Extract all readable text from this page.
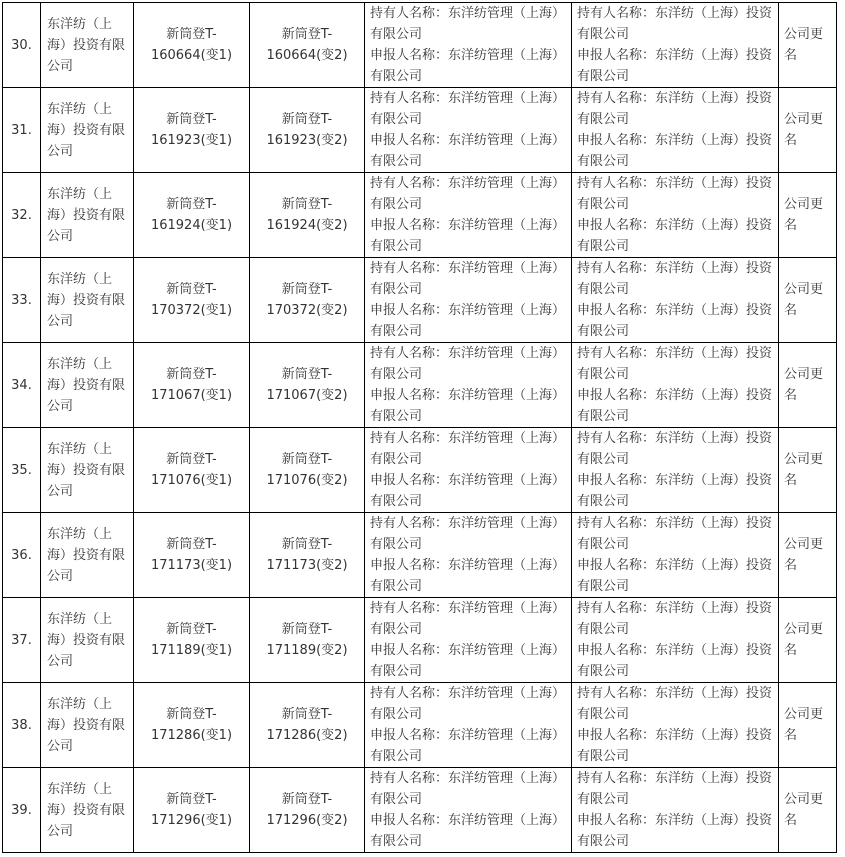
30.	东洋纺（上
海）投资有限
公司	新筒登T-
160664(变1)	新筒登T-
160664(变2)	持有人名称：东洋纺管理（上海）
有限公司
申报人名称：东洋纺管理（上海）
有限公司	持有人名称：东洋纺（上海）投资
有限公司
申报人名称：东洋纺（上海）投资
有限公司	公司更
名

31.	东洋纺（上
海）投资有限
公司	新筒登T-
161923(变1)	新筒登T-
161923(变2)	持有人名称：东洋纺管理（上海）
有限公司
申报人名称：东洋纺管理（上海）
有限公司	持有人名称：东洋纺（上海）投资
有限公司
申报人名称：东洋纺（上海）投资
有限公司	公司更
名

32.	东洋纺（上
海）投资有限
公司	新筒登T-
161924(变1)	新筒登T-
161924(变2)	持有人名称：东洋纺管理（上海）
有限公司
申报人名称：东洋纺管理（上海）
有限公司	持有人名称：东洋纺（上海）投资
有限公司
申报人名称：东洋纺（上海）投资
有限公司	公司更
名

33.	东洋纺（上
海）投资有限
公司	新筒登T-
170372(变1)	新筒登T-
170372(变2)	持有人名称：东洋纺管理（上海）
有限公司
申报人名称：东洋纺管理（上海）
有限公司	持有人名称：东洋纺（上海）投资
有限公司
申报人名称：东洋纺（上海）投资
有限公司	公司更
名

34.	东洋纺（上
海）投资有限
公司	新筒登T-
171067(变1)	新筒登T-
171067(变2)	持有人名称：东洋纺管理（上海）
有限公司
申报人名称：东洋纺管理（上海）
有限公司	持有人名称：东洋纺（上海）投资
有限公司
申报人名称：东洋纺（上海）投资
有限公司	公司更
名

35.	东洋纺（上
海）投资有限
公司	新筒登T-
171076(变1)	新筒登T-
171076(变2)	持有人名称：东洋纺管理（上海）
有限公司
申报人名称：东洋纺管理（上海）
有限公司	持有人名称：东洋纺（上海）投资
有限公司
申报人名称：东洋纺（上海）投资
有限公司	公司更
名

36.	东洋纺（上
海）投资有限
公司	新筒登T-
171173(变1)	新筒登T-
171173(变2)	持有人名称：东洋纺管理（上海）
有限公司
申报人名称：东洋纺管理（上海）
有限公司	持有人名称：东洋纺（上海）投资
有限公司
申报人名称：东洋纺（上海）投资
有限公司	公司更
名

37.	东洋纺（上
海）投资有限
公司	新筒登T-
171189(变1)	新筒登T-
171189(变2)	持有人名称：东洋纺管理（上海）
有限公司
申报人名称：东洋纺管理（上海）
有限公司	持有人名称：东洋纺（上海）投资
有限公司
申报人名称：东洋纺（上海）投资
有限公司	公司更
名

38.	东洋纺（上
海）投资有限
公司	新筒登T-
171286(变1)	新筒登T-
171286(变2)	持有人名称：东洋纺管理（上海）
有限公司
申报人名称：东洋纺管理（上海）
有限公司	持有人名称：东洋纺（上海）投资
有限公司
申报人名称：东洋纺（上海）投资
有限公司	公司更
名

39.	东洋纺（上
海）投资有限
公司	新筒登T-
171296(变1)	新筒登T-
171296(变2)	持有人名称：东洋纺管理（上海）
有限公司
申报人名称：东洋纺管理（上海）
有限公司	持有人名称：东洋纺（上海）投资
有限公司
申报人名称：东洋纺（上海）投资
有限公司	公司更
名
